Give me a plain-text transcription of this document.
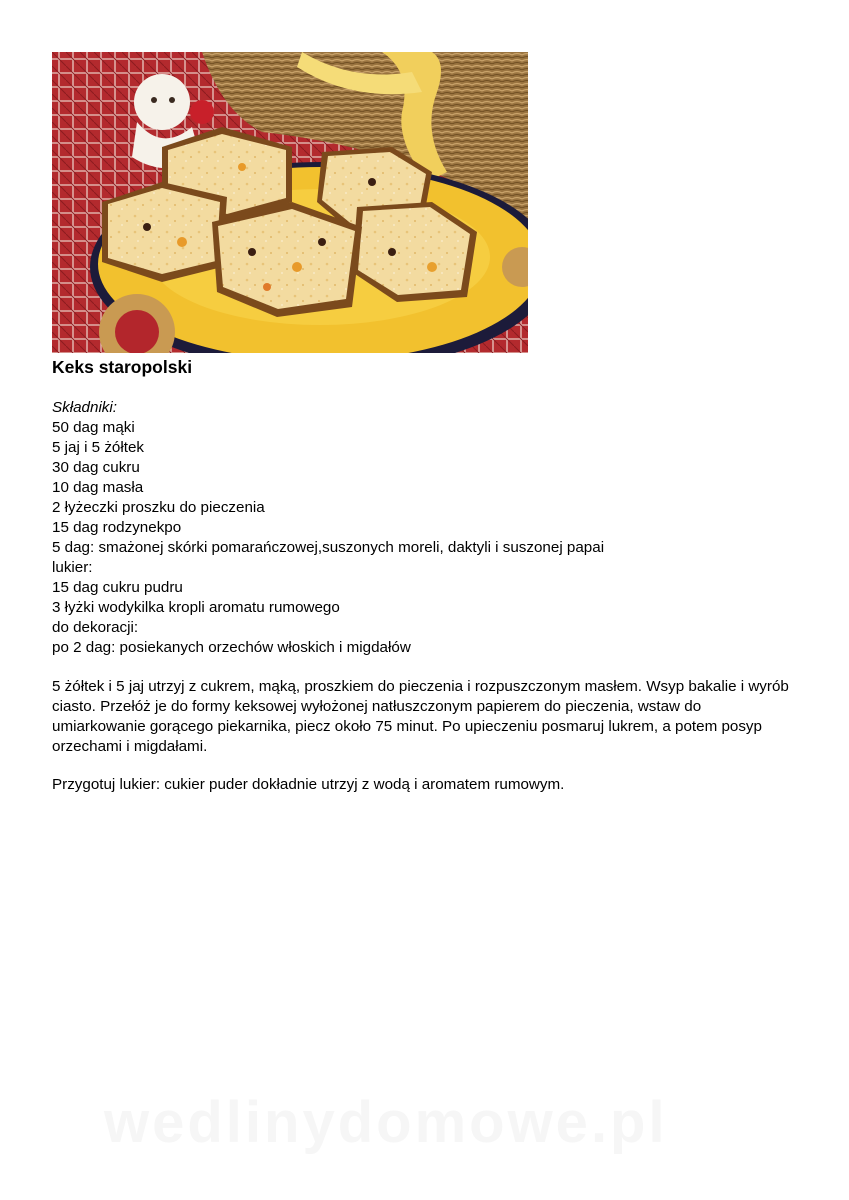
Keks staropolski
Składniki:
50 dag mąki
5 jaj i 5 żółtek
30 dag cukru
10 dag masła
2 łyżeczki proszku do pieczenia
15 dag rodzynekpo
5 dag: smażonej skórki pomarańczowej,suszonych moreli, daktyli i suszonej papai
lukier:
15 dag cukru pudru
3 łyżki wodykilka kropli aromatu rumowego
do dekoracji:
po 2 dag: posiekanych orzechów włoskich i migdałów
5 żółtek i 5 jaj utrzyj z cukrem, mąką, proszkiem do pieczenia i rozpuszczonym masłem. Wsyp bakalie i wyrób ciasto. Przełóż je do formy keksowej wyłożonej natłuszczonym papierem do pieczenia, wstaw do umiarkowanie gorącego piekarnika, piecz około 75 minut. Po upieczeniu posmaruj lukrem, a potem posyp orzechami i migdałami.
Przygotuj lukier: cukier puder dokładnie utrzyj z wodą i aromatem rumowym.
wedlinydomowe.pl
